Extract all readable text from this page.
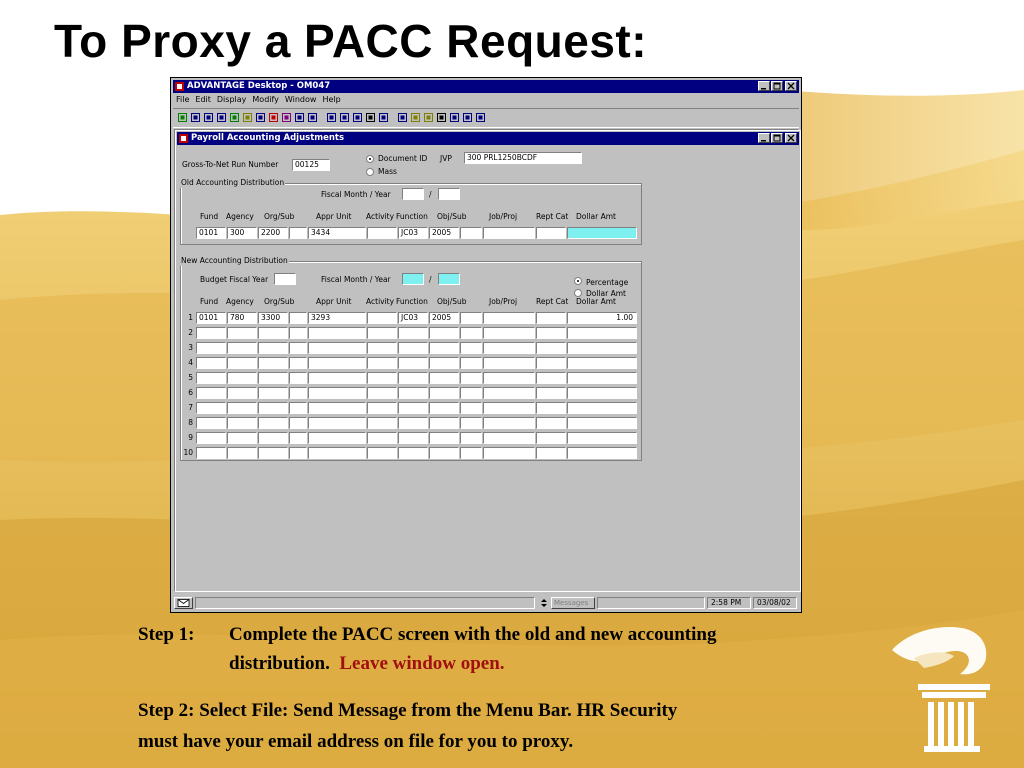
To Proxy a PACC Request:
ADVANTAGE Desktop - OM047
File Edit Display Modify Window Help
Payroll Accounting Adjustments
Gross-To-Net Run Number	00125
Document ID
Mass
JVP	300 PRL1250BCDF
Old Accounting Distribution
Fiscal Month / Year	/
Fund Agency Org/Sub	Appr Unit Activity Function Obj/Sub	Job/Proj	Rept Cat Dollar Amt
0101	300	2200	3434	JC03	2005
New Accounting Distribution
Budget Fiscal Year	Fiscal Month / Year	/	Percentage
Dollar Amt
Fund Agency Org/Sub	Appr Unit Activity Function Obj/Sub	Job/Proj	Rept Cat Dollar Amt
1 0101	780	3300	3293	JC03	2005	1.00
2
3
4
5
6
7
8
9
10
Messages	2:58 PM	03/08/02
Step 1: Complete the PACC screen with the old and new accounting
distribution. Leave window open.
Step 2: Select File: Send Message from the Menu Bar. HR Security
must have your email address on file for you to proxy.
